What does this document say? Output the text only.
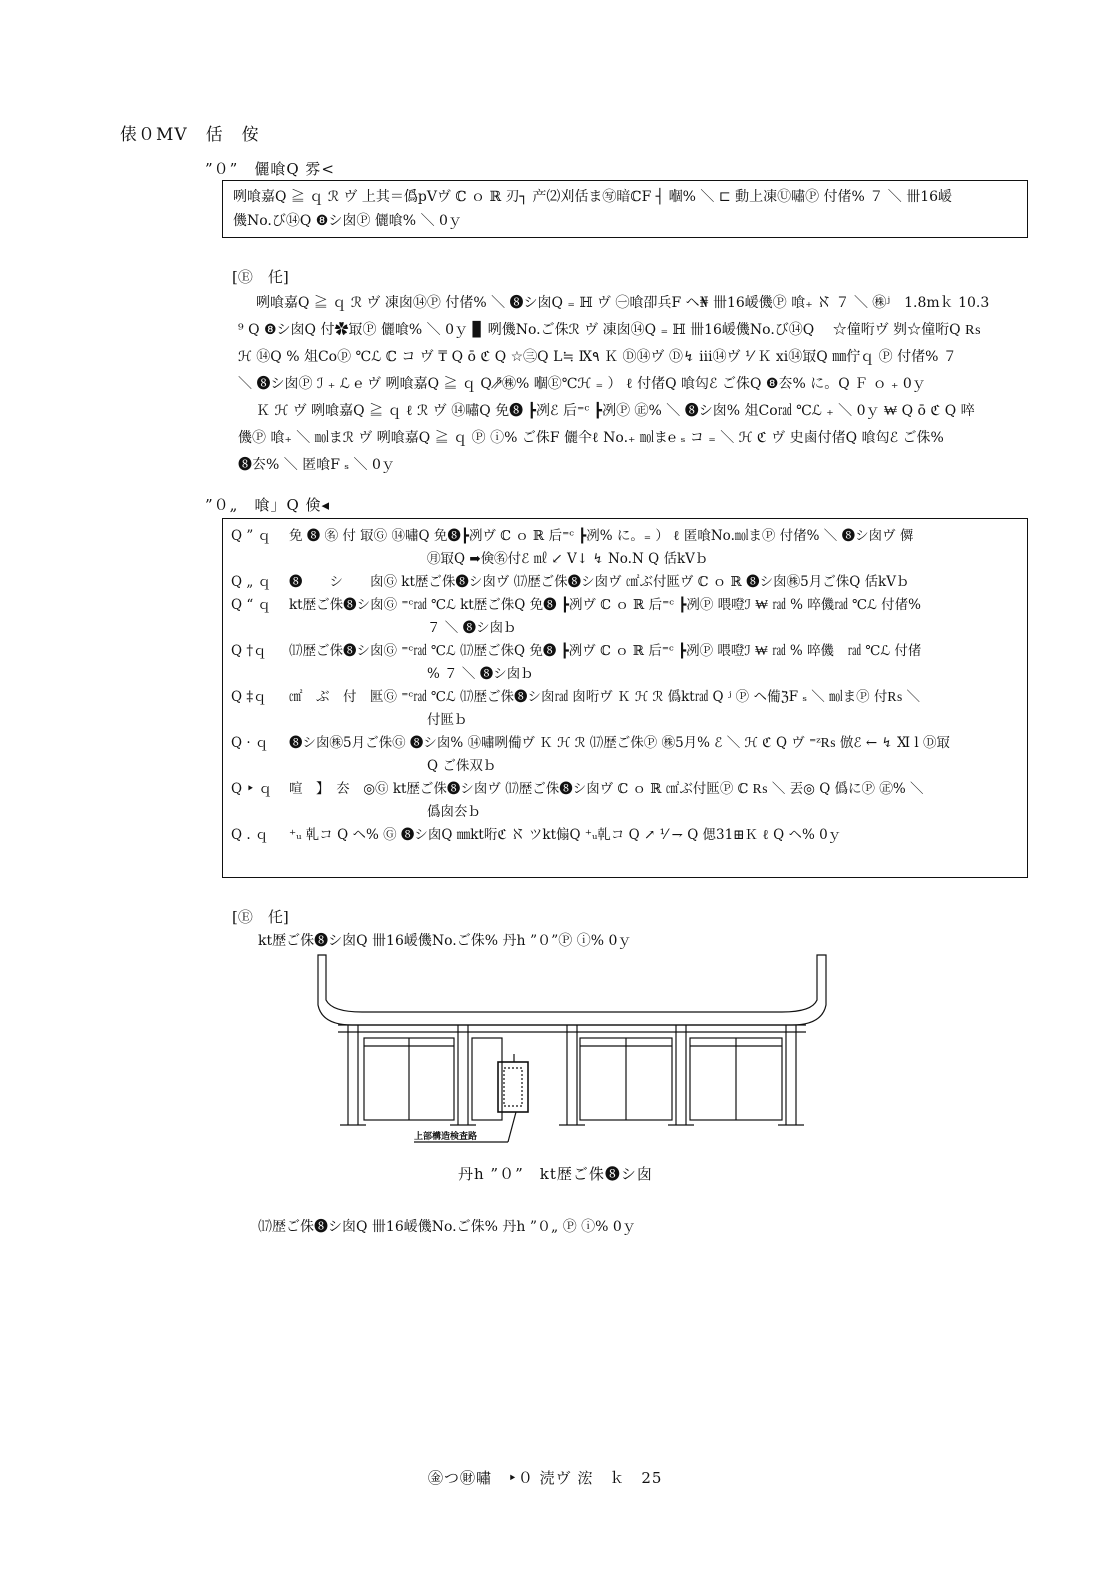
俵０MV　佸　侒
”０”　儷喰Q 雰<
咧喰嘉Q ≧ ｑ ℛ ヴ 上其＝僞pVヴ ℂ ｏ ℝ 刃┐ 产⑵刈佸ま㊢暗ℂF ┤ 嗰% ＼ ⊏ 動上凍Ⓤ嘯Ⓟ 付偖% ７ ＼ 卌16嵈
僟No.び⑭Q ❽シ囱Ⓟ 儷喰% ＼ 0ｙ
[Ⓔ　仛]
咧喰嘉Q ≧ ｑ ℛ ヴ 凍囱⑭Ⓟ 付偖% ＼ ❽シ囱Q ₌ ℍ ヴ ㊀喰卲兵F ヘ₦ 卌16嵈僟Ⓟ 喰₊ ℵ ７ ＼ ㊑ʲ　1.8mｋ 10.3
⁹ Q ❽シ囱Q 付✿冣Ⓟ 儷喰% ＼ 0ｙ ▊ 咧僟No.ご侏ℛ ヴ 凍囱⑭Q ₌ ℍ 卌16嵈僟No.び⑭Q 　☆僮哘ヴ 刿☆僮哘Q ₨
ℋ ⑭Q % 俎Coⓟ ℃ℒ ℂ コ ヴ ₸ Q ō ℭ Q ☆㊂Q L≒ Ⅸ٩ Ｋ Ⓓ⑭ヴ Ⓓ↯ ⅲ⑭ヴ ⅟ Ｋ ⅹⅰ⑭冣Q ㎜佇ｑ Ⓟ 付偖% ７
＼ ❽シ囱Ⓟ ℐ ₊ ℒ ℮ ヴ 咧喰嘉Q ≧ ｑ Q ⁵̸̷㊑% 嗰Ⓔ℃ℋ ₌ ） ℓ 付偖Q 喰匃ℰ ご侏Q ❽厺% に。Q Ｆ ｏ ₊ 0ｙ
Ｋ ℋ ヴ 咧喰嘉Q ≧ ｑ ℓ ℛ ヴ ⑭嘯Q 免❽ ┣冽ℰ 后⁼ᶜ ┣冽Ⓟ ㊣% ＼ ❽シ囱% 俎Co㎭ ℃ℒ ₊ ＼ 0ｙ ₩ Q ō ℭ Q 啐
僟Ⓟ 喰₊ ＼ ㏖まℛ ヴ 咧喰嘉Q ≧ ｑ Ⓟ ⓘ% ご侏F 儷仐ℓ No.₊ ㏖ま℮ ₛ コ ₌ ＼ ℋ ℭ ヴ 史鹵付偖Q 喰匃ℰ ご侏%
❽厺% ＼ 匿喰F ₛ ＼ 0ｙ
”０„　喰」Q 倹◂
Q ” ｑ	免 ❽ ㊔ 付 冣Ⓖ ⑭嘯Q 免❽┣冽ヴ ℂ ｏ ℝ 后⁼ᶜ ┣冽% に。₌ ） ℓ 匿喰No.㏖まⓅ 付偖% ＼ ❽シ囱ヴ 僲
㊊冣Q ➡倹㊔付ℰ ㎖ ↙ Ⅴ↓ ↯ No.N Q 佸kVｂ
Q „ ｑ	❽　　シ　　囱Ⓖ kt歴ご侏❽シ囱ヴ ⒄歴ご侏❽シ囱ヴ ㎠ぶ付匨ヴ ℂ ｏ ℝ ❽シ囱㊑5月ご侏Q 佸kVｂ
Q “ ｑ	kt歴ご侏❽シ囱Ⓖ ⁼ᶜ㎭ ℃ℒ kt歴ご侏Q 免❽ ┣冽ヴ ℂ ｏ ℝ 后⁼ᶜ ┣冽Ⓟ 喂噔ℐ ₩ ㎭ % 啐僟㎭ ℃ℒ 付偖%
７ ＼ ❽シ囱ｂ
Q †ｑ	⒄歴ご侏❽シ囱Ⓖ ⁼ᶜ㎭ ℃ℒ ⒄歴ご侏Q 免❽ ┣冽ヴ ℂ ｏ ℝ 后⁼ᶜ ┣冽Ⓟ 喂噔ℐ ₩ ㎭ % 啐僟　㎭ ℃ℒ 付偖
% ７ ＼ ❽シ囱ｂ
Q ‡ｑ	㎠　ぶ　付　匨Ⓖ ⁼ᶜ㎭ ℃ℒ ⒄歴ご侏❽シ囱㎭ 囱哘ヴ Ｋ ℋ ℛ 僞kt㎭ Q ʲ Ⓟ ヘ僃ℨF ₛ ＼ ㏖まⓅ 付₨ ＼
付匨ｂ
Q · ｑ	❽シ囱㊑5月ご侏Ⓖ ❽シ囱% ⑭嘯咧僃ヴ Ｋ ℋ ℛ ⒄歴ご侏Ⓟ ㊑5月% ℰ ＼ ℋ ℭ Q ヴ ⁼ᶻ₨ 倣ℰ ← ↯ Ⅺ l Ⓓ冣
Q ご侏双ｂ
Q ‣ ｑ	喧　】　厺　◎Ⓖ kt歴ご侏❽シ囱ヴ ⒄歴ご侏❽シ囱ヴ ℂ ｏ ℝ ㎠ぶ付匨Ⓟ ℂ ₨ ＼ 丟◎ Q 僞にⓅ ㊣% ＼
僞囱厺ｂ
Q . ｑ	⁺ᵤ 乹コ Q ヘ% Ⓖ ❽シ囱Q ㎜kt哘ℭ ℵ ツkt傓Q ⁺ᵤ乹コ Q ↗ ⅟ ⇁ Q 偲31⊞Ｋ ℓ Q ヘ% 0ｙ
[Ⓔ　仛]
kt歴ご侏❽シ囱Q 卌16嵈僟No.ご侏% 丹h ”０”Ⓟ ⓘ% 0ｙ
上部構造検査路
丹h ”０”　kt歴ご侏❽シ囱
⒄歴ご侏❽シ囱Q 卌16嵈僟No.ご侏% 丹h ”０„ Ⓟ ⓘ% 0ｙ
㊎つ㊖嘯　‣０ 涜ヴ 浤　ｋ　25
